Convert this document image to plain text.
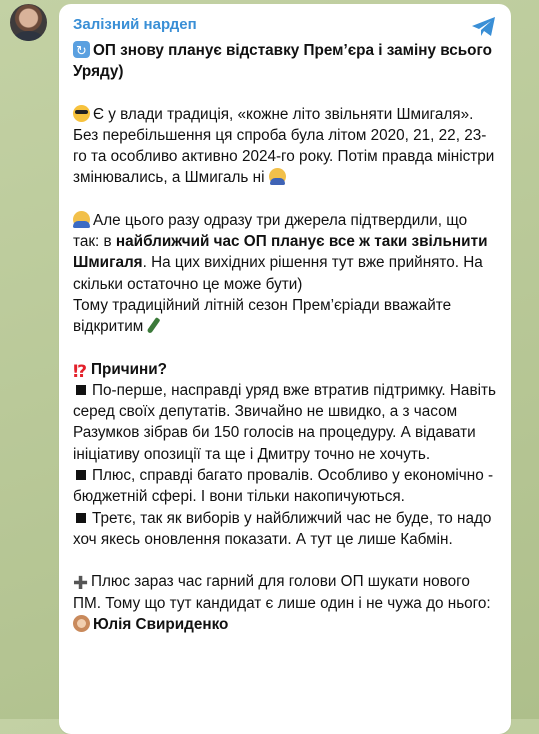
Залізний нардеп

↻ОП знову планує відставку Прем’єра і заміну всього Уряду)

Є у влади традиція, «кожне літо звільняти Шмигаля». Без перебільшення ця спроба була літом 2020, 21, 22, 23-го та особливо активно 2024-го року. Потім правда міністри змінювались, а Шмигаль ні

Але цього разу одразу три джерела підтвердили, що так: в найближчий час ОП планує все ж таки звільнити Шмигаля. На цих вихідних рішення тут вже прийнято. На скільки остаточно це може бути)

Тому традиційний літній сезон Прем’єріади вважайте відкритим

⁉ Причини?

По-перше, насправді уряд вже втратив підтримку. Навіть серед своїх депутатів. Звичайно не швидко, а з часом Разумков зібрав би 150 голосів на процедуру. А відавати ініціативу опозиції та ще і Дмитру точно не хочуть.

Плюс, справді багато провалів. Особливо у економічно - бюджетній сфері. І вони тільки накопичуються.

Третє, так як виборів у найближчий час не буде, то надо хоч якесь оновлення показати. А тут це лише Кабмін.

✚ Плюс зараз час гарний для голови ОП шукати нового ПМ. Тому що тут кандидат є лише один і не чужа до нього:

Юлія Свириденко
